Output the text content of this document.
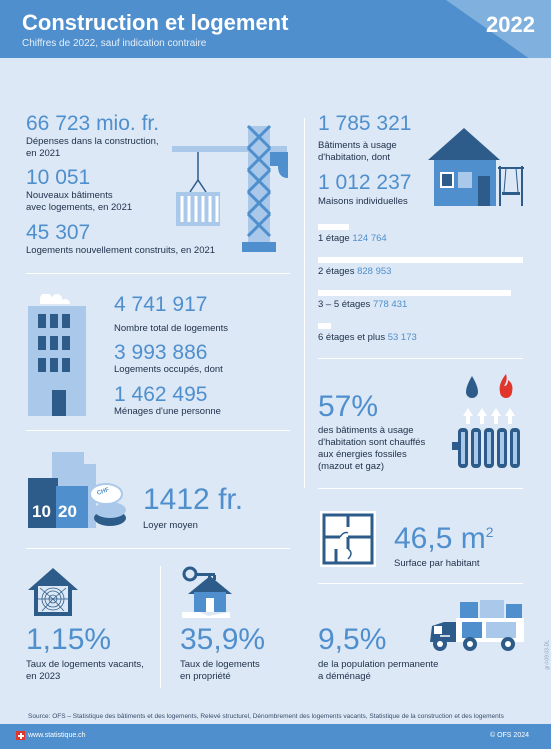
Construction et logement
Chiffres de 2022, sauf indication contraire
2022
66 723 mio. fr.
Dépenses dans la construction,
en 2021
10 051
Nouveaux bâtiments
avec logements, en 2021
45 307
Logements nouvellement construits, en 2021
1 785 321
Bâtiments à usage
d'habitation, dont
1 012 237
Maisons individuelles
1 étage 124 764
2 étages 828 953
3 – 5 étages 778 431
6 étages et plus 53 173
4 741 917
Nombre total de logements
3 993 886
Logements occupés, dont
1 462 495
Ménages d'une personne	57%
des bâtiments à usage
d'habitation sont chauffés
aux énergies fossiles
(mazout et gaz)
10 20
CHF 1412 fr.
Loyer moyen	46,5 $m^2$
Surface par habitant
1,15%
Taux de logements vacants,
en 2023
35,9%
Taux de logements
en propriété
9,5%
de la population permanente
a déménagé
gr-f-09.03-DL
Source: OFS – Statistique des bâtiments et des logements, Relevé structurel, Dénombrement des logements vacants, Statistique de la construction et des logements
www.statistique.ch	© OFS 2024
